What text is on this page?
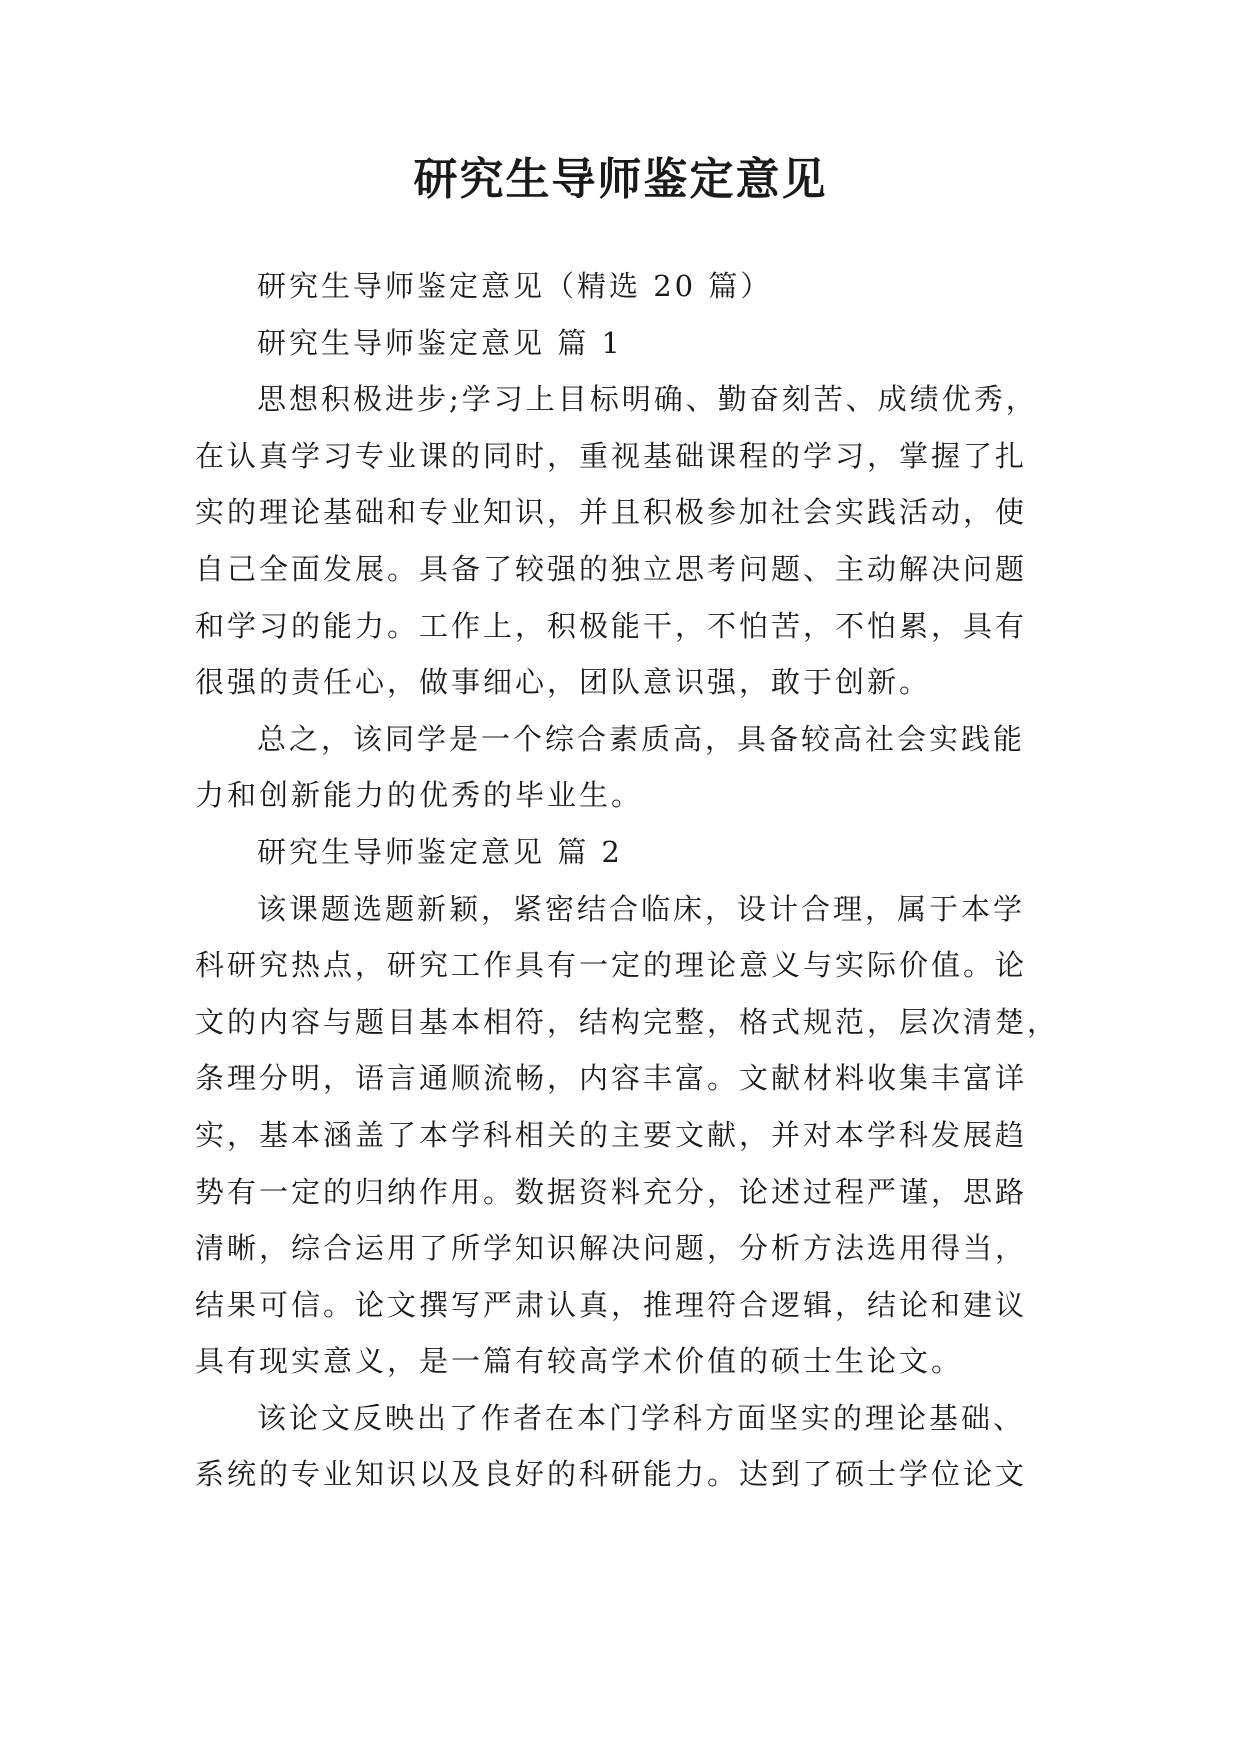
研究生导师鉴定意见
研究生导师鉴定意见（精选 20 篇）
研究生导师鉴定意见 篇 1
思想积极进步;学习上目标明确、勤奋刻苦、成绩优秀，
在认真学习专业课的同时，重视基础课程的学习，掌握了扎
实的理论基础和专业知识，并且积极参加社会实践活动，使
自己全面发展。具备了较强的独立思考问题、主动解决问题
和学习的能力。工作上，积极能干，不怕苦，不怕累，具有
很强的责任心，做事细心，团队意识强，敢于创新。
总之，该同学是一个综合素质高，具备较高社会实践能
力和创新能力的优秀的毕业生。
研究生导师鉴定意见 篇 2
该课题选题新颖，紧密结合临床，设计合理，属于本学
科研究热点，研究工作具有一定的理论意义与实际价值。论
文的内容与题目基本相符，结构完整，格式规范，层次清楚，
条理分明，语言通顺流畅，内容丰富。文献材料收集丰富详
实，基本涵盖了本学科相关的主要文献，并对本学科发展趋
势有一定的归纳作用。数据资料充分，论述过程严谨，思路
清晰，综合运用了所学知识解决问题，分析方法选用得当，
结果可信。论文撰写严肃认真，推理符合逻辑，结论和建议
具有现实意义，是一篇有较高学术价值的硕士生论文。
该论文反映出了作者在本门学科方面坚实的理论基础、
系统的专业知识以及良好的科研能力。达到了硕士学位论文
